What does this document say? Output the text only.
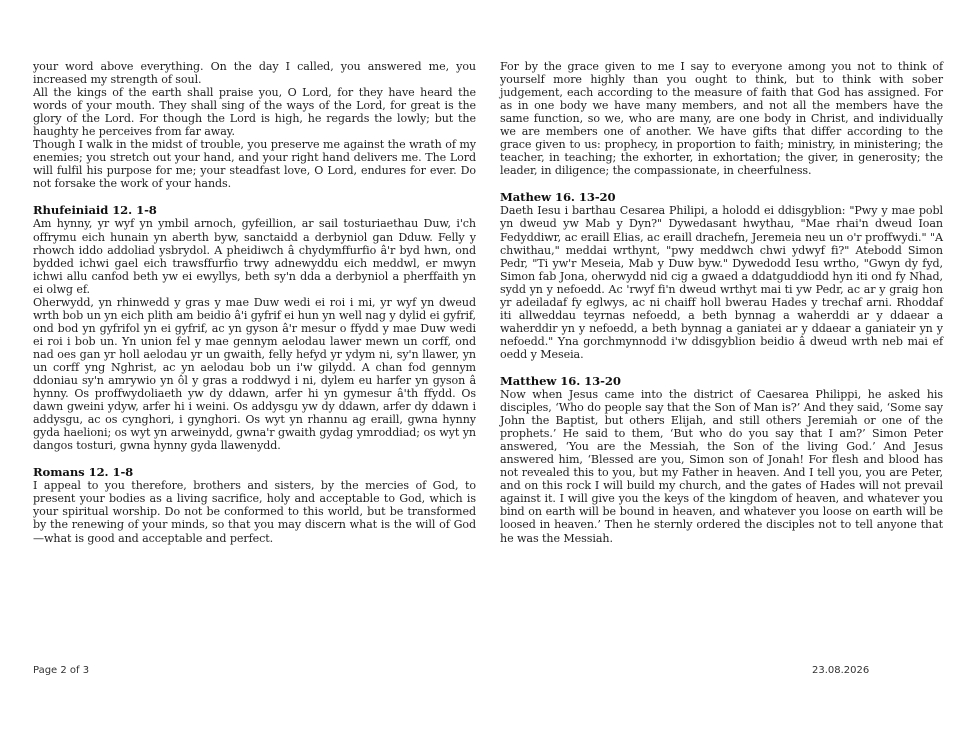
your word above everything. On the day I called, you answered me, you increased my strength of soul.

All the kings of the earth shall praise you, O Lord, for they have heard the words of your mouth. They shall sing of the ways of the Lord, for great is the glory of the Lord. For though the Lord is high, he regards the lowly; but the haughty he perceives from far away.

Though I walk in the midst of trouble, you preserve me against the wrath of my enemies; you stretch out your hand, and your right hand delivers me. The Lord will fulfil his purpose for me; your steadfast love, O Lord, endures for ever. Do not forsake the work of your hands.

Rhufeiniaid 12. 1-8

Am hynny, yr wyf yn ymbil arnoch, gyfeillion, ar sail tosturiaethau Duw, i'ch offrymu eich hunain yn aberth byw, sanctaidd a derbyniol gan Dduw. Felly y rhowch iddo addoliad ysbrydol. A pheidiwch â chydymffurfio â'r byd hwn, ond bydded ichwi gael eich trawsffurfio trwy adnewyddu eich meddwl, er mwyn ichwi allu canfod beth yw ei ewyllys, beth sy'n dda a derbyniol a pherffaith yn ei olwg ef.

Oherwydd, yn rhinwedd y gras y mae Duw wedi ei roi i mi, yr wyf yn dweud wrth bob un yn eich plith am beidio â'i gyfrif ei hun yn well nag y dylid ei gyfrif, ond bod yn gyfrifol yn ei gyfrif, ac yn gyson â'r mesur o ffydd y mae Duw wedi ei roi i bob un. Yn union fel y mae gennym aelodau lawer mewn un corff, ond nad oes gan yr holl aelodau yr un gwaith, felly hefyd yr ydym ni, sy'n llawer, yn un corff yng Nghrist, ac yn aelodau bob un i'w gilydd. A chan fod gennym ddoniau sy'n amrywio yn ôl y gras a roddwyd i ni, dylem eu harfer yn gyson â hynny. Os proffwydoliaeth yw dy ddawn, arfer hi yn gymesur â'th ffydd. Os dawn gweini ydyw, arfer hi i weini. Os addysgu yw dy ddawn, arfer dy ddawn i addysgu, ac os cynghori, i gynghori. Os wyt yn rhannu ag eraill, gwna hynny gyda haelioni; os wyt yn arweinydd, gwna'r gwaith gydag ymroddiad; os wyt yn dangos tosturi, gwna hynny gyda llawenydd.

Romans 12. 1-8

I appeal to you therefore, brothers and sisters, by the mercies of God, to present your bodies as a living sacrifice, holy and acceptable to God, which is your spiritual worship. Do not be conformed to this world, but be transformed by the renewing of your minds, so that you may discern what is the will of God—what is good and acceptable and perfect.

For by the grace given to me I say to everyone among you not to think of yourself more highly than you ought to think, but to think with sober judgement, each according to the measure of faith that God has assigned. For as in one body we have many members, and not all the members have the same function, so we, who are many, are one body in Christ, and individually we are members one of another. We have gifts that differ according to the grace given to us: prophecy, in proportion to faith; ministry, in ministering; the teacher, in teaching; the exhorter, in exhortation; the giver, in generosity; the leader, in diligence; the compassionate, in cheerfulness.

Mathew 16. 13-20

Daeth Iesu i barthau Cesarea Philipi, a holodd ei ddisgyblion: "Pwy y mae pobl yn dweud yw Mab y Dyn?" Dywedasant hwythau, "Mae rhai'n dweud Ioan Fedyddiwr, ac eraill Elias, ac eraill drachefn, Jeremeia neu un o'r proffwydi." "A chwithau," meddai wrthynt, "pwy meddwch chwi ydwyf fi?" Atebodd Simon Pedr, "Ti yw'r Meseia, Mab y Duw byw." Dywedodd Iesu wrtho, "Gwyn dy fyd, Simon fab Jona, oherwydd nid cig a gwaed a ddatguddiodd hyn iti ond fy Nhad, sydd yn y nefoedd. Ac 'rwyf fi'n dweud wrthyt mai ti yw Pedr, ac ar y graig hon yr adeiladaf fy eglwys, ac ni chaiff holl bwerau Hades y trechaf arni. Rhoddaf iti allweddau teyrnas nefoedd, a beth bynnag a waherddi ar y ddaear a waherddir yn y nefoedd, a beth bynnag a ganiatei ar y ddaear a ganiateir yn y nefoedd." Yna gorchmynnodd i'w ddisgyblion beidio â dweud wrth neb mai ef oedd y Meseia.

Matthew 16. 13-20

Now when Jesus came into the district of Caesarea Philippi, he asked his disciples, ‘Who do people say that the Son of Man is?’ And they said, ‘Some say John the Baptist, but others Elijah, and still others Jeremiah or one of the prophets.’ He said to them, ‘But who do you say that I am?’ Simon Peter answered, ‘You are the Messiah, the Son of the living God.’ And Jesus answered him, ‘Blessed are you, Simon son of Jonah! For flesh and blood has not revealed this to you, but my Father in heaven. And I tell you, you are Peter, and on this rock I will build my church, and the gates of Hades will not prevail against it. I will give you the keys of the kingdom of heaven, and whatever you bind on earth will be bound in heaven, and whatever you loose on earth will be loosed in heaven.’ Then he sternly ordered the disciples not to tell anyone that he was the Messiah.

Page 2 of 3	23.08.2026
